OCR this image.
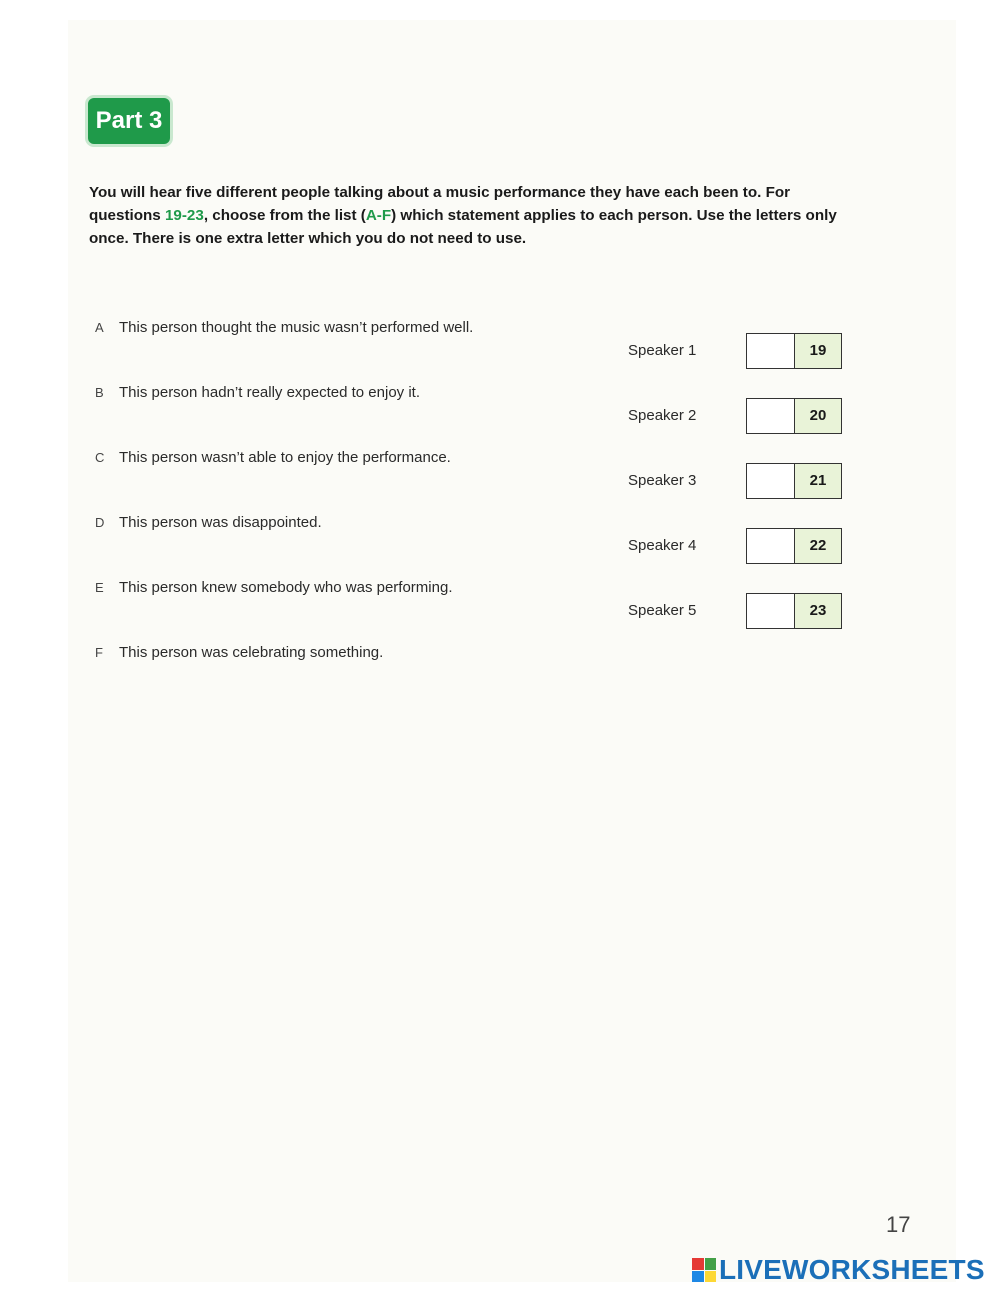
Part 3
You will hear five different people talking about a music performance they have each been to. For questions 19-23, choose from the list (A-F) which statement applies to each person. Use the letters only once. There is one extra letter which you do not need to use.
A This person thought the music wasn’t performed well.
B This person hadn’t really expected to enjoy it.
C This person wasn’t able to enjoy the performance.
D This person was disappointed.
E This person knew somebody who was performing.
F This person was celebrating something.
Speaker 1	19
Speaker 2	20
Speaker 3	21
Speaker 4	22
Speaker 5	23
17
LIVEWORKSHEETS
